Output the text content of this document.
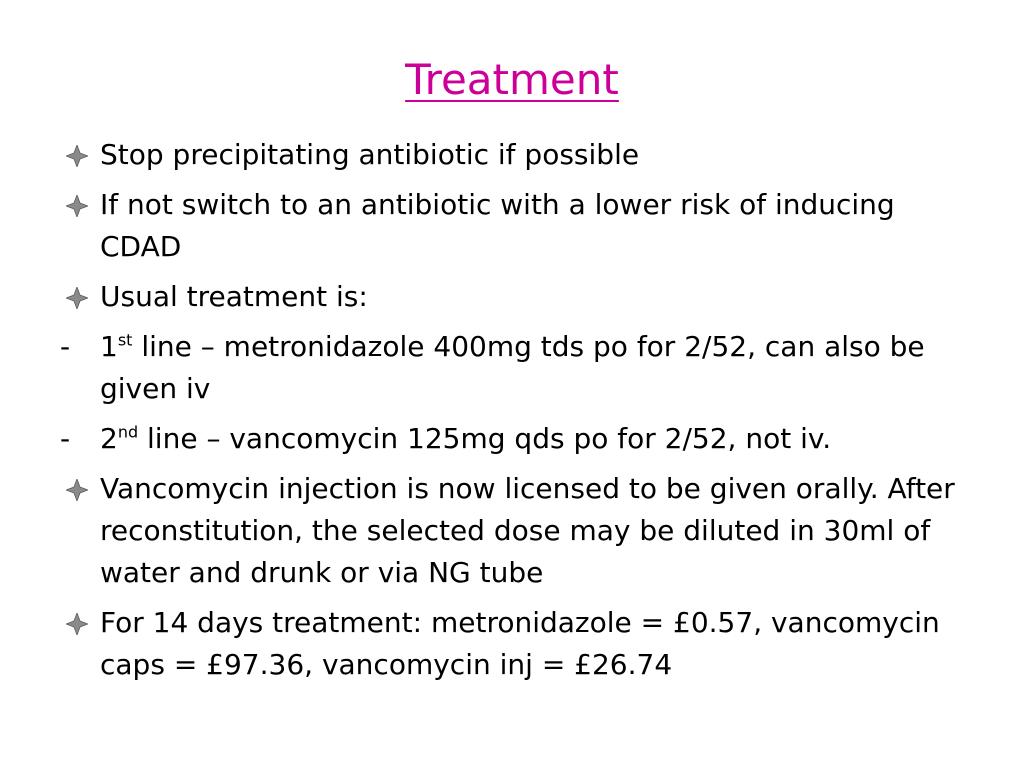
Treatment
Stop precipitating antibiotic if possible
If not switch to an antibiotic with a lower risk of inducing CDAD
Usual treatment is:
- 1st line – metronidazole 400mg tds po for 2/52, can also be given iv
- 2nd line – vancomycin 125mg qds po for 2/52, not iv.
Vancomycin injection is now licensed to be given orally. After reconstitution, the selected dose may be diluted in 30ml of water and drunk or via NG tube
For 14 days treatment: metronidazole = £0.57, vancomycin caps = £97.36, vancomycin inj = £26.74
